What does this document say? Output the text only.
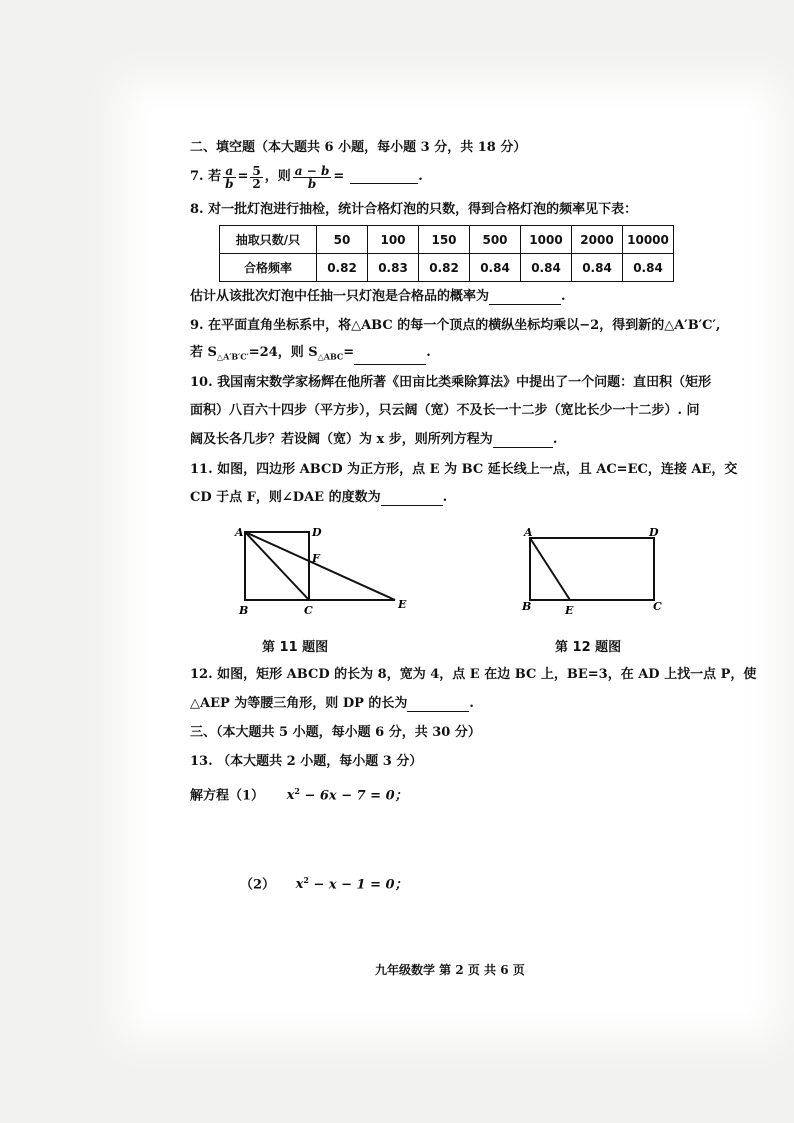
二、填空题（本大题共 6 小题，每小题 3 分，共 18 分）
7. 若 $\frac{a}{b} = \frac{5}{2}$ ，则 $\frac{a - b}{b}$ =	.
8. 对一批灯泡进行抽检，统计合格灯泡的只数，得到合格灯泡的频率见下表：
抽取只数/只	50	100	150	500	1000	2000	10000
合格频率	0.82	0.83	0.82	0.84	0.84	0.84	0.84
估计从该批次灯泡中任抽一只灯泡是合格品的概率为	.
9. 在平面直角坐标系中，将△ABC 的每一个顶点的横纵坐标均乘以−2，得到新的△A′B′C′,
若 $S_{\triangle A'B'C'}=24$，则 $S_{\triangle ABC}=$	.
10. 我国南宋数学家杨辉在他所著《田亩比类乘除算法》中提出了一个问题：直田积（矩形
面积）八百六十四步（平方步），只云阔（宽）不及长一十二步（宽比长少一十二步）. 问
阔及长各几步？若设阔（宽）为 x 步，则所列方程为	.
11. 如图，四边形 ABCD 为正方形，点 E 为 BC 延长线上一点，且 AC=EC，连接 AE，交
CD 于点 F，则∠DAE 的度数为	.
A	D
F
B	C	E
第 11 题图
A	D
B	E	C
第 12 题图
12. 如图，矩形 ABCD 的长为 8，宽为 4，点 E 在边 BC 上，BE=3，在 AD 上找一点 P，使
△AEP 为等腰三角形，则 DP 的长为	.
三、（本大题共 5 小题，每小题 6 分，共 30 分）
13. （本大题共 2 小题，每小题 3 分）
解方程（1） $x^2 - 6x - 7 = 0$；
（2） $x^2 - x - 1 = 0$；
九年级数学 第 2 页 共 6 页
